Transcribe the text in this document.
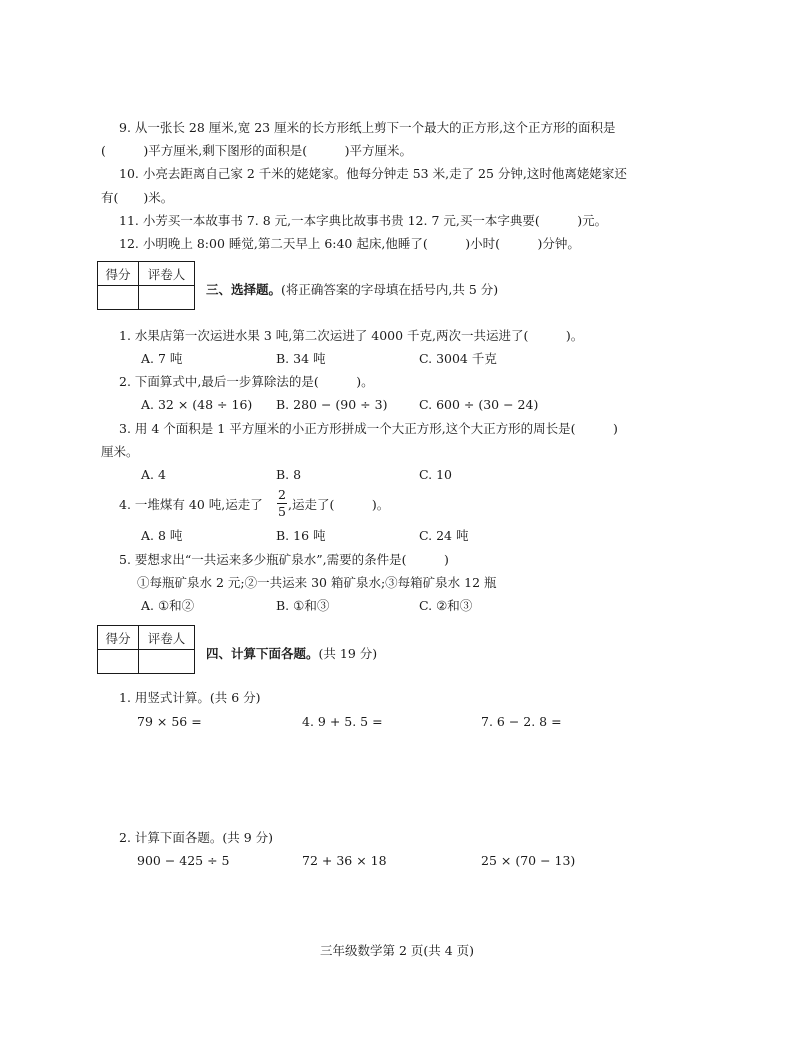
9. 从一张长 28 厘米,宽 23 厘米的长方形纸上剪下一个最大的正方形,这个正方形的面积是
(　　　)平方厘米,剩下图形的面积是(　　　)平方厘米。
10. 小亮去距离自己家 2 千米的姥姥家。他每分钟走 53 米,走了 25 分钟,这时他离姥姥家还
有(　　)米。
11. 小芳买一本故事书 7. 8 元,一本字典比故事书贵 12. 7 元,买一本字典要(　　　)元。
12. 小明晚上 8:00 睡觉,第二天早上 6:40 起床,他睡了(　　　)小时(　　　)分钟。
得分	评卷人

三、选择题。(将正确答案的字母填在括号内,共 5 分)
1. 水果店第一次运进水果 3 吨,第二次运进了 4000 千克,两次一共运进了(　　　)。
A. 7 吨	B. 34 吨	C. 3004 千克
2. 下面算式中,最后一步算除法的是(　　　)。
A. 32 × (48 ÷ 16) B. 280 − (90 ÷ 3)	C. 600 ÷ (30 − 24)
3. 用 4 个面积是 1 平方厘米的小正方形拼成一个大正方形,这个大正方形的周长是(　　　)
厘米。
A. 4	B. 8	C. 10
4. 一堆煤有 40 吨,运走了
2
5 ,运走了(　　　)。
A. 8 吨	B. 16 吨	C. 24 吨
5. 要想求出“一共运来多少瓶矿泉水”,需要的条件是(　　　)
①每瓶矿泉水 2 元;②一共运来 30 箱矿泉水;③每箱矿泉水 12 瓶
A. ①和②	B. ①和③	C. ②和③
得分	评卷人

四、计算下面各题。(共 19 分)
1. 用竖式计算。(共 6 分)
79 × 56 =	4. 9 + 5. 5 =	7. 6 − 2. 8 =
2. 计算下面各题。(共 9 分)
900 − 425 ÷ 5	72 + 36 × 18	25 × (70 − 13)
三年级数学第 2 页(共 4 页)
